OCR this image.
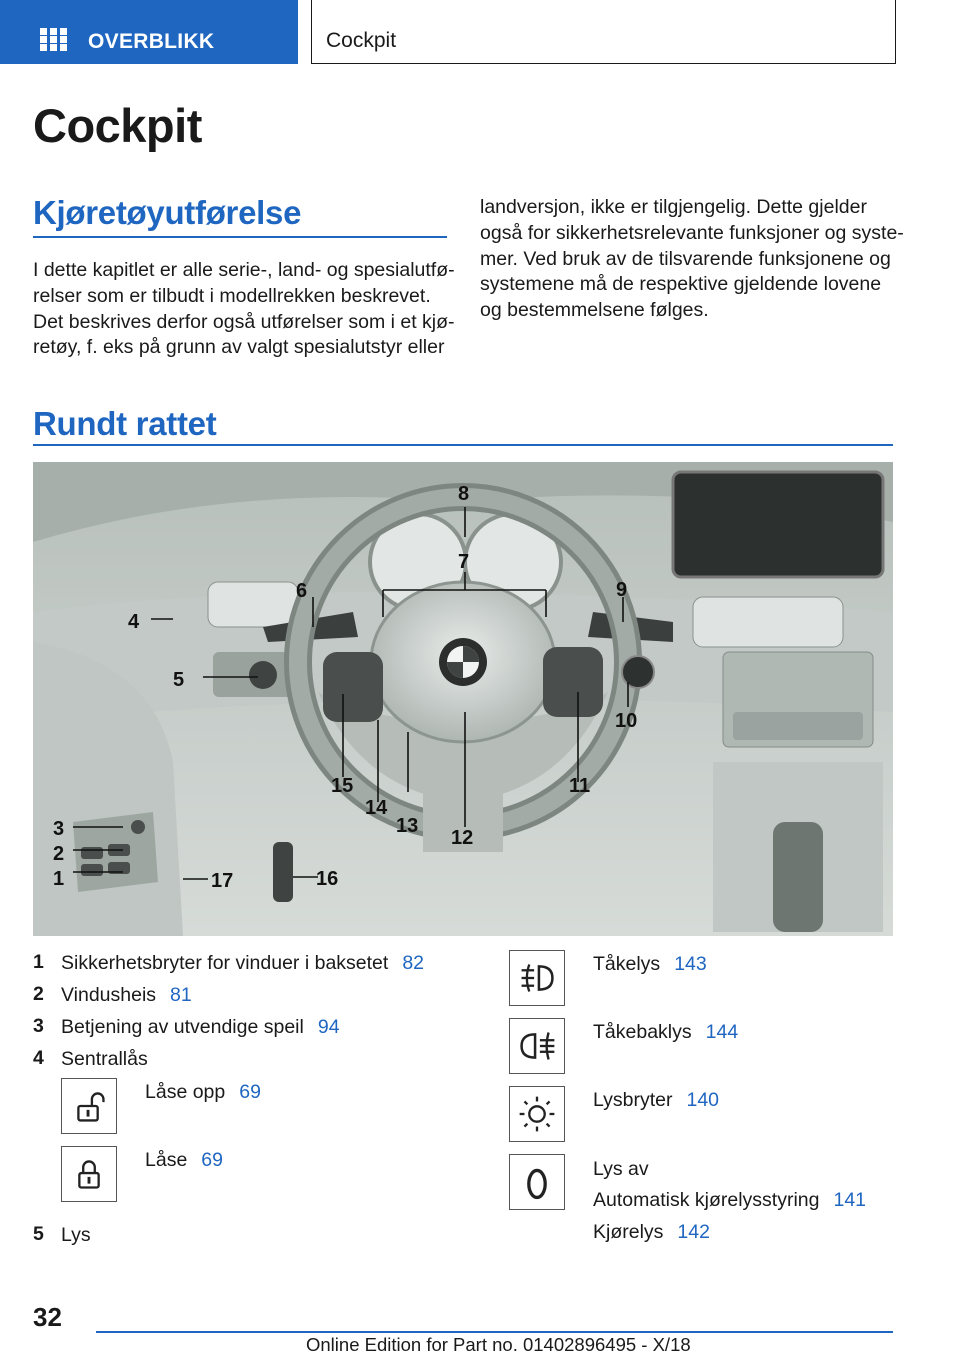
OVERBLIKK	Cockpit
Cockpit
Kjøretøyutførelse
I dette kapitlet er alle serie-, land- og spesialutfø-
relser som er tilbudt i modellrekken beskrevet.
Det beskrives derfor også utførelser som i et kjø-
retøy, f. eks på grunn av valgt spesialutstyr eller
landversjon, ikke er tilgjengelig. Dette gjelder
også for sikkerhetsrelevante funksjoner og syste-
mer. Ved bruk av de tilsvarende funksjonene og
systemene må de respektive gjeldende lovene
og bestemmelsene følges.
Rundt rattet
1
2
3
4
5
6
7
8
9
10
11
12
13
14
15
16
17
1 Sikkerhetsbryter for vinduer i baksetet 82
2 Vindusheis 81
3 Betjening av utvendige speil 94
4 Sentrallås
Låse opp 69
Låse 69
5 Lys
Tåkelys 143
Tåkebaklys 144
Lysbryter 140
Lys av
Automatisk kjørelysstyring 141
Kjørelys 142
32
Online Edition for Part no. 01402896495 - X/18
